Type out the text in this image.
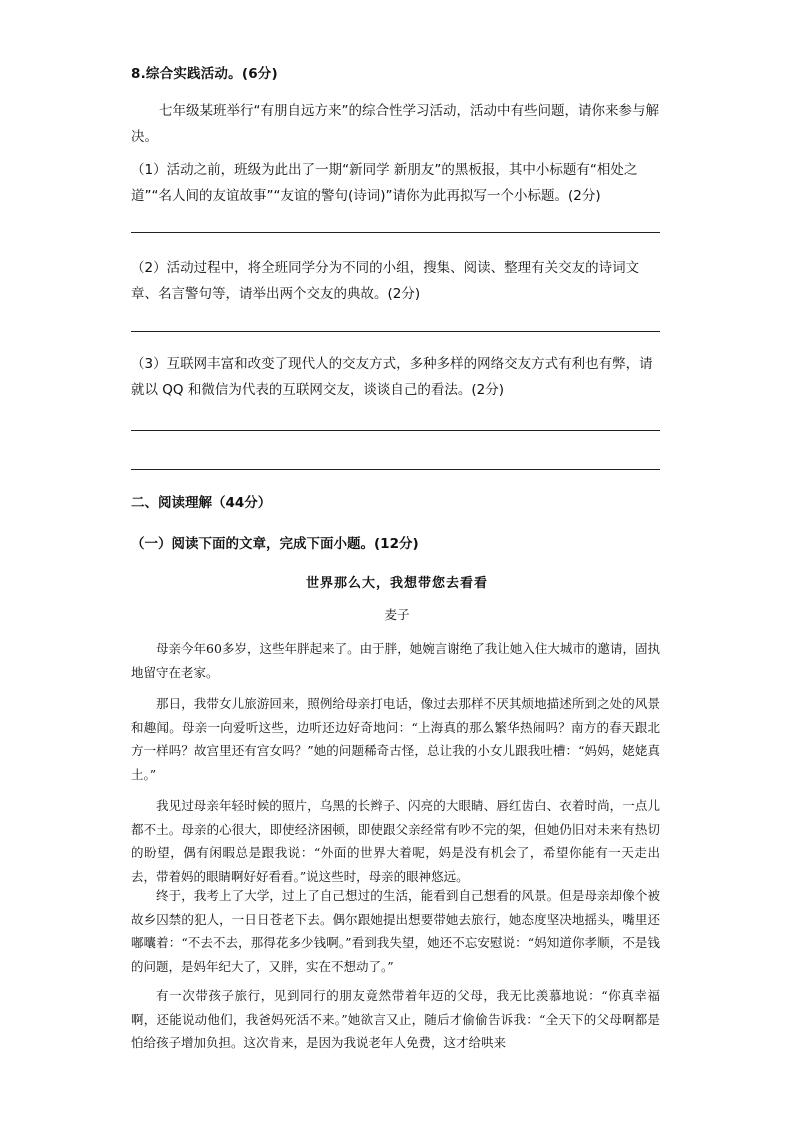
8.综合实践活动。(6分)
七年级某班举行“有朋自远方来”的综合性学习活动，活动中有些问题，请你来参与解决。
（1）活动之前，班级为此出了一期“新同学 新朋友”的黑板报，其中小标题有“相处之道”“名人间的友谊故事”“友谊的警句(诗词)”请你为此再拟写一个小标题。(2分)
（2）活动过程中，将全班同学分为不同的小组，搜集、阅读、整理有关交友的诗词文章、名言警句等，请举出两个交友的典故。(2分)
（3）互联网丰富和改变了现代人的交友方式，多种多样的网络交友方式有利也有弊，请就以 QQ 和微信为代表的互联网交友，谈谈自己的看法。(2分)
二、阅读理解（44分）
（一）阅读下面的文章，完成下面小题。(12分)
世界那么大，我想带您去看看
麦子
母亲今年60多岁，这些年胖起来了。由于胖，她婉言谢绝了我让她入住大城市的邀请，固执地留守在老家。
那日，我带女儿旅游回来，照例给母亲打电话，像过去那样不厌其烦地描述所到之处的风景和趣闻。母亲一向爱听这些，边听还边好奇地问：“上海真的那么繁华热闹吗？南方的春天跟北方一样吗？故宫里还有宫女吗？”她的问题稀奇古怪，总让我的小女儿跟我吐槽：“妈妈，姥姥真土。”
我见过母亲年轻时候的照片，乌黑的长辫子、闪亮的大眼睛、唇红齿白、衣着时尚，一点儿都不土。母亲的心很大，即使经济困顿，即使跟父亲经常有吵不完的架，但她仍旧对未来有热切的盼望，偶有闲暇总是跟我说：“外面的世界大着呢，妈是没有机会了，希望你能有一天走出去，带着妈的眼睛啊好好看看。”说这些时，母亲的眼神悠远。
终于，我考上了大学，过上了自己想过的生活，能看到自己想看的风景。但是母亲却像个被故乡囚禁的犯人，一日日苍老下去。偶尔跟她提出想要带她去旅行，她态度坚决地摇头，嘴里还嘟囔着：“不去不去，那得花多少钱啊。”看到我失望，她还不忘安慰说：“妈知道你孝顺，不是钱的问题，是妈年纪大了，又胖，实在不想动了。”
有一次带孩子旅行，见到同行的朋友竟然带着年迈的父母，我无比羡慕地说：“你真幸福啊，还能说动他们，我爸妈死活不来。”她欲言又止，随后才偷偷告诉我：“全天下的父母啊都是怕给孩子增加负担。这次肯来，是因为我说老年人免费，这才给哄来
